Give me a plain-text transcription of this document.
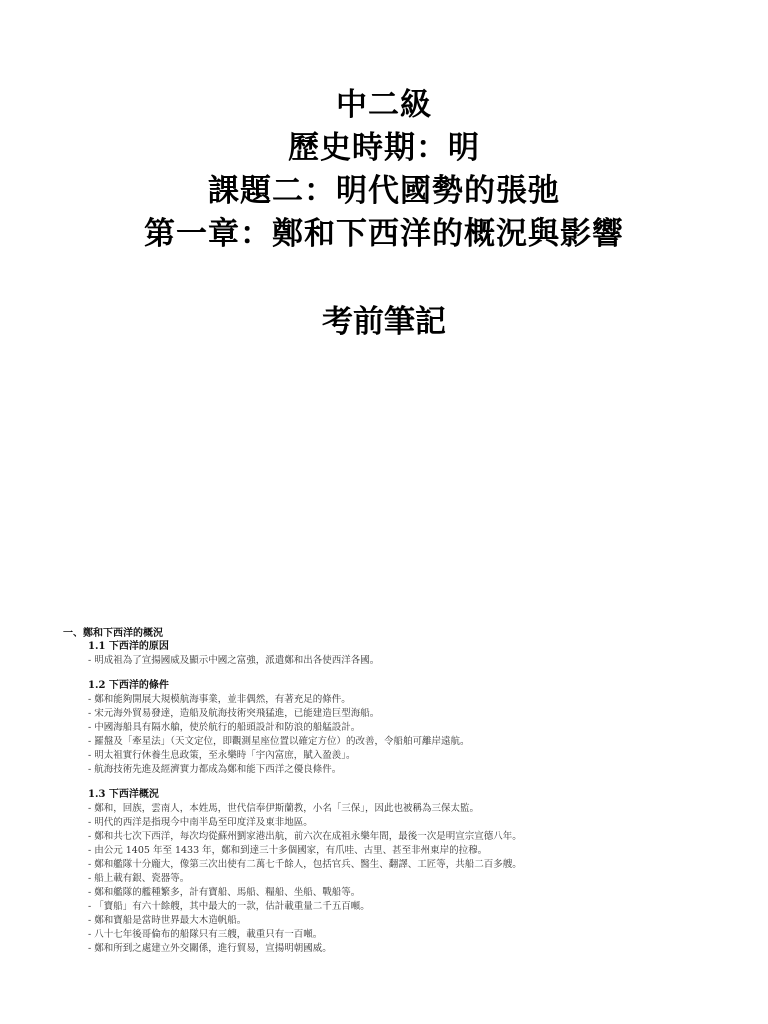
中二級
歷史時期：明
課題二：明代國勢的張弛
第一章：鄭和下西洋的概況與影響
考前筆記
一、鄭和下西洋的概況
1.1 下西洋的原因
- 明成祖為了宣揚國威及顯示中國之富強，派遣鄭和出各使西洋各國。
1.2 下西洋的條件
- 鄭和能夠開展大規模航海事業，並非偶然，有著充足的條件。
- 宋元海外貿易發達，造船及航海技術突飛猛進，已能建造巨型海船。
- 中國海船具有隔水艙，使於航行的船頭設計和防浪的船艋設計。
- 羅盤及「牽星法」（天文定位，即觀測星座位置以確定方位）的改善，令船舶可離岸遠航。
- 明太祖實行休養生息政策，至永樂時「宇內富庶，賦入盈羨」。
- 航海技術先進及經濟實力都成為鄭和能下西洋之優良條件。
1.3 下西洋概況
- 鄭和，回族，雲南人，本姓馬，世代信奉伊斯蘭教，小名「三保」，因此也被稱為三保太監。
- 明代的西洋是指現今中南半島至印度洋及東非地區。
- 鄭和共七次下西洋，每次均從蘇州劉家港出航，前六次在成祖永樂年間，最後一次是明宣宗宣德八年。
- 由公元 1405 年至 1433 年，鄭和到達三十多個國家，有爪哇、古里、甚至非州東岸的拉穆。
- 鄭和艦隊十分龐大，像第三次出使有二萬七千餘人，包括官兵、醫生、翻譯、工匠等，共船二百多艘。
- 船上載有銀、瓷器等。
- 鄭和艦隊的艦種繁多，計有寶船、馬船、糧船、坐船、戰船等。
- 「寶船」有六十餘艘，其中最大的一款，估計載重量二千五百噸。
- 鄭和寶船是當時世界最大木造帆船。
- 八十七年後哥倫布的船隊只有三艘，載重只有一百噸。
- 鄭和所到之處建立外交關係，進行貿易，宣揚明朝國威。
